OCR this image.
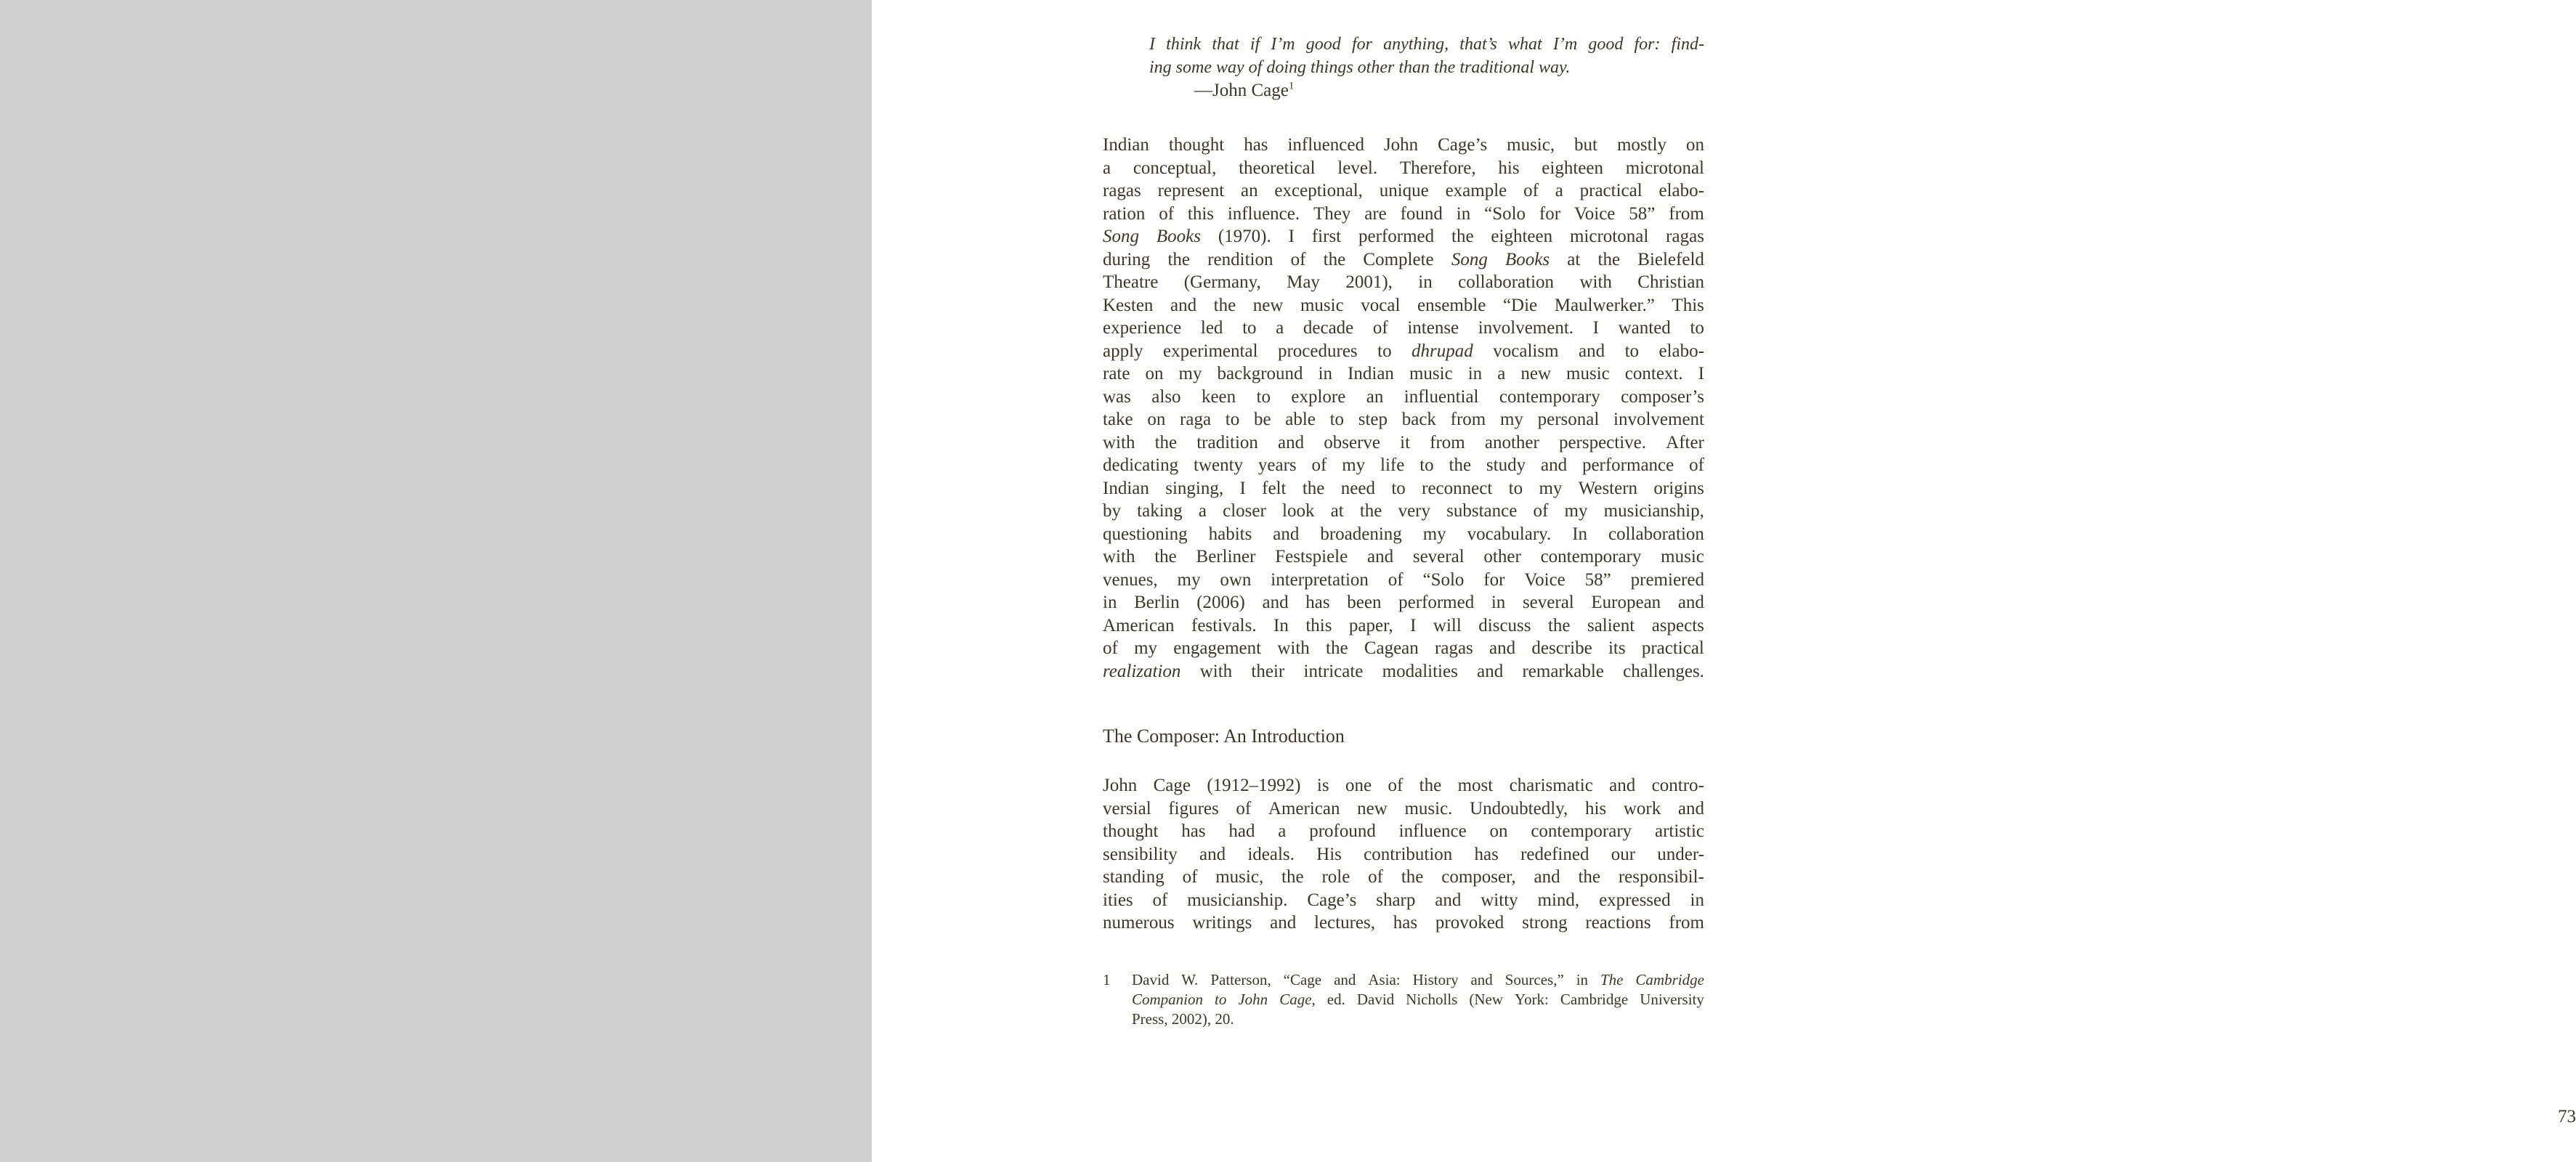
I think that if I’m good for anything, that’s what I’m good for: find-
ing some way of doing things other than the traditional way.
—John Cage$^1$
Indian thought has influenced John Cage’s music, but mostly on
a conceptual, theoretical level. Therefore, his eighteen microtonal
ragas represent an exceptional, unique example of a practical elabo-
ration of this influence. They are found in “Solo for Voice 58” from
Song Books (1970). I first performed the eighteen microtonal ragas
during the rendition of the Complete Song Books at the Bielefeld
Theatre (Germany, May 2001), in collaboration with Christian
Kesten and the new music vocal ensemble “Die Maulwerker.” This
experience led to a decade of intense involvement. I wanted to
apply experimental procedures to dhrupad vocalism and to elabo-
rate on my background in Indian music in a new music context. I
was also keen to explore an influential contemporary composer’s
take on raga to be able to step back from my personal involvement
with the tradition and observe it from another perspective. After
dedicating twenty years of my life to the study and performance of
Indian singing, I felt the need to reconnect to my Western origins
by taking a closer look at the very substance of my musicianship,
questioning habits and broadening my vocabulary. In collaboration
with the Berliner Festspiele and several other contemporary music
venues, my own interpretation of “Solo for Voice 58” premiered
in Berlin (2006) and has been performed in several European and
American festivals. In this paper, I will discuss the salient aspects
of my engagement with the Cagean ragas and describe its practical
realization with their intricate modalities and remarkable challenges.
The Composer: An Introduction
John Cage (1912–1992) is one of the most charismatic and contro-
versial figures of American new music. Undoubtedly, his work and
thought has had a profound influence on contemporary artistic
sensibility and ideals. His contribution has redefined our under-
standing of music, the role of the composer, and the responsibil-
ities of musicianship. Cage’s sharp and witty mind, expressed in
numerous writings and lectures, has provoked strong reactions from
1	David W. Patterson, “Cage and Asia: History and Sources,” in The Cambridge
Companion to John Cage, ed. David Nicholls (New York: Cambridge University
Press, 2002), 20.
73
